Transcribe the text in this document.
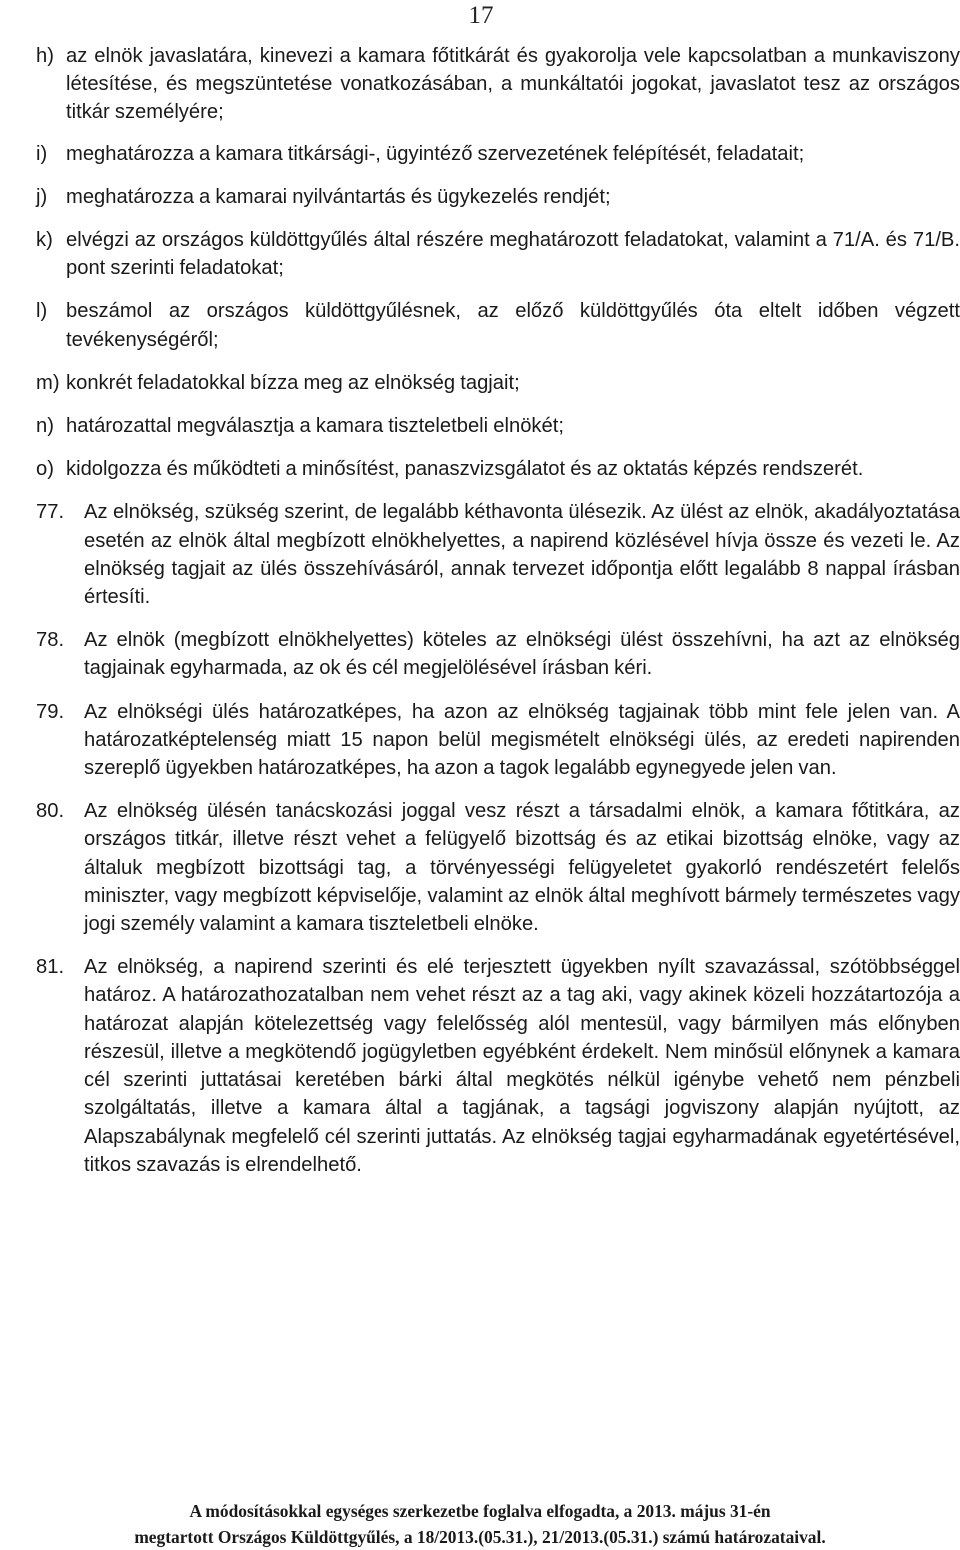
17
h) az elnök javaslatára, kinevezi a kamara főtitkárát és gyakorolja vele kapcsolatban a munkaviszony létesítése, és megszüntetése vonatkozásában, a munkáltatói jogokat, javaslatot tesz az országos titkár személyére;
i) meghatározza a kamara titkársági-, ügyintéző szervezetének felépítését, feladatait;
j) meghatározza a kamarai nyilvántartás és ügykezelés rendjét;
k) elvégzi az országos küldöttgyűlés által részére meghatározott feladatokat, valamint a 71/A. és 71/B. pont szerinti feladatokat;
l) beszámol az országos küldöttgyűlésnek, az előző küldöttgyűlés óta eltelt időben végzett tevékenységéről;
m) konkrét feladatokkal bízza meg az elnökség tagjait;
n) határozattal megválasztja a kamara tiszteletbeli elnökét;
o) kidolgozza és működteti a minősítést, panaszvizsgálatot és az oktatás képzés rendszerét.
77. Az elnökség, szükség szerint, de legalább kéthavonta ülésezik. Az ülést az elnök, akadályoztatása esetén az elnök által megbízott elnökhelyettes, a napirend közlésével hívja össze és vezeti le. Az elnökség tagjait az ülés összehívásáról, annak tervezet időpontja előtt legalább 8 nappal írásban értesíti.
78. Az elnök (megbízott elnökhelyettes) köteles az elnökségi ülést összehívni, ha azt az elnökség tagjainak egyharmada, az ok és cél megjelölésével írásban kéri.
79. Az elnökségi ülés határozatképes, ha azon az elnökség tagjainak több mint fele jelen van. A határozatképtelenség miatt 15 napon belül megismételt elnökségi ülés, az eredeti napirenden szereplő ügyekben határozatképes, ha azon a tagok legalább egynegyede jelen van.
80. Az elnökség ülésén tanácskozási joggal vesz részt a társadalmi elnök, a kamara főtitkára, az országos titkár, illetve részt vehet a felügyelő bizottság és az etikai bizottság elnöke, vagy az általuk megbízott bizottsági tag, a törvényességi felügyeletet gyakorló rendészetért felelős miniszter, vagy megbízott képviselője, valamint az elnök által meghívott bármely természetes vagy jogi személy valamint a kamara tiszteletbeli elnöke.
81. Az elnökség, a napirend szerinti és elé terjesztett ügyekben nyílt szavazással, szótöbbséggel határoz. A határozathozatalban nem vehet részt az a tag aki, vagy akinek közeli hozzátartozója a határozat alapján kötelezettség vagy felelősség alól mentesül, vagy bármilyen más előnyben részesül, illetve a megkötendő jogügyletben egyébként érdekelt. Nem minősül előnynek a kamara cél szerinti juttatásai keretében bárki által megkötés nélkül igénybe vehető nem pénzbeli szolgáltatás, illetve a kamara által a tagjának, a tagsági jogviszony alapján nyújtott, az Alapszabálynak megfelelő cél szerinti juttatás. Az elnökség tagjai egyharmadának egyetértésével, titkos szavazás is elrendelhető.
A módosításokkal egységes szerkezetbe foglalva elfogadta, a 2013. május 31-én
megtartott Országos Küldöttgyűlés, a 18/2013.(05.31.), 21/2013.(05.31.) számú határozataival.
